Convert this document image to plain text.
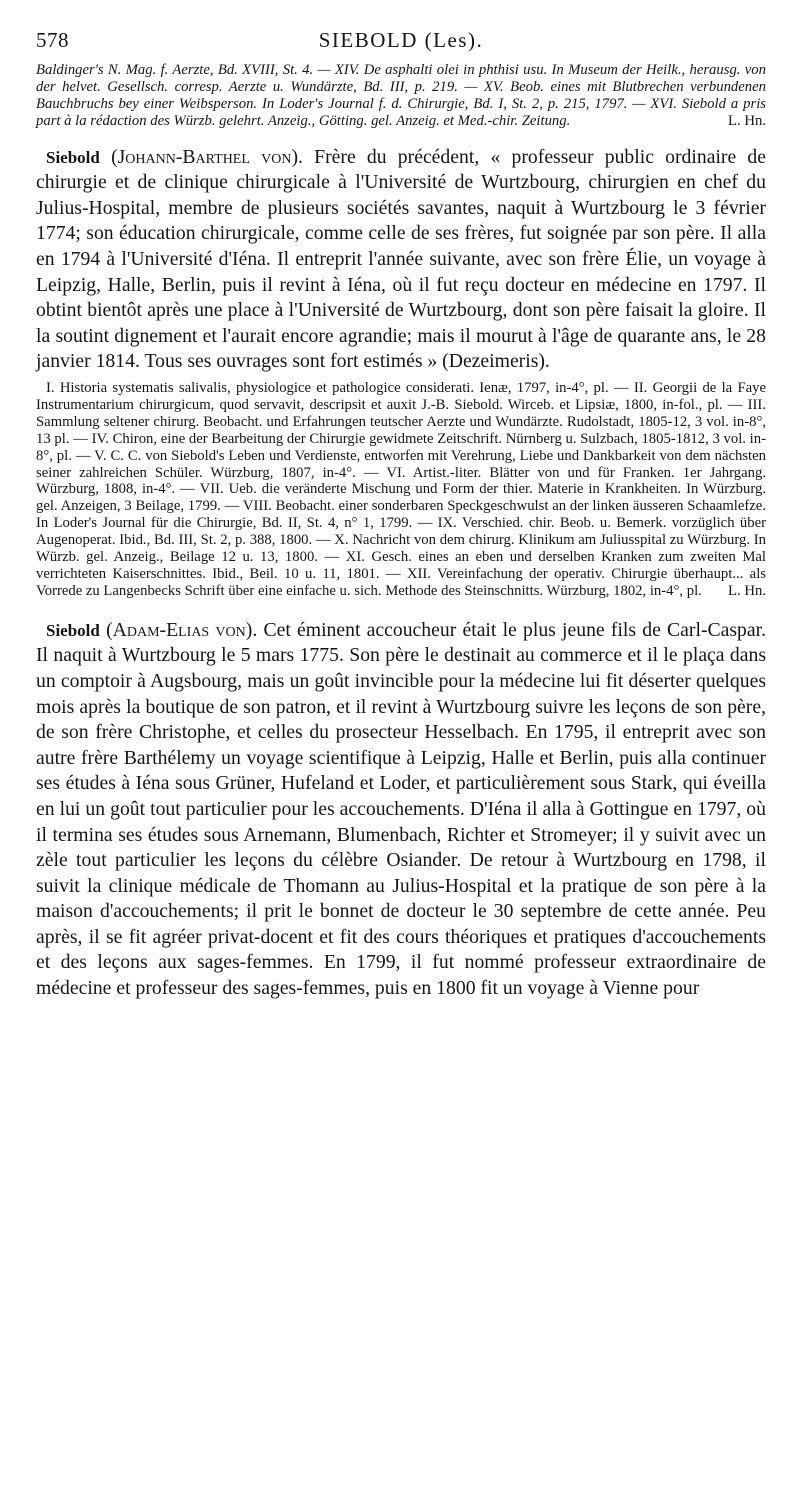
578	SIEBOLD (Les).

Baldinger's N. Mag. f. Aerzte, Bd. XVIII, St. 4. — XIV. De asphalti olei in phthisi usu. In Museum der Heilk., herausg. von der helvet. Gesellsch. corresp. Aerzte u. Wundärzte, Bd. III, p. 219. — XV. Beob. eines mit Blutbrechen verbundenen Bauchbruchs bey einer Weibsperson. In Loder's Journal f. d. Chirurgie, Bd. I, St. 2, p. 215, 1797. — XVI. Siebold a pris part à la rédaction des Würzb. gelehrt. Anzeig., Götting. gel. Anzeig. et Med.-chir. Zeitung.	L. Hn.

Siebold (Johann-Barthel von). Frère du précédent, « professeur public ordinaire de chirurgie et de clinique chirurgicale à l'Université de Wurtzbourg, chirurgien en chef du Julius-Hospital, membre de plusieurs sociétés savantes, naquit à Wurtzbourg le 3 février 1774; son éducation chirurgicale, comme celle de ses frères, fut soignée par son père. Il alla en 1794 à l'Université d'Iéna. Il entreprit l'année suivante, avec son frère Élie, un voyage à Leipzig, Halle, Berlin, puis il revint à Iéna, où il fut reçu docteur en médecine en 1797. Il obtint bientôt après une place à l'Université de Wurtzbourg, dont son père faisait la gloire. Il la soutint dignement et l'aurait encore agrandie; mais il mourut à l'âge de quarante ans, le 28 janvier 1814. Tous ses ouvrages sont fort estimés » (Dezeimeris).

I. Historia systematis salivalis, physiologice et pathologice considerati. Ienæ, 1797, in-4°, pl. — II. Georgii de la Faye Instrumentarium chirurgicum, quod servavit, descripsit et auxit J.-B. Siebold. Wirceb. et Lipsiæ, 1800, in-fol., pl. — III. Sammlung seltener chirurg. Beobacht. und Erfahrungen teutscher Aerzte und Wundärzte. Rudolstadt, 1805-12, 3 vol. in-8°, 13 pl. — IV. Chiron, eine der Bearbeitung der Chirurgie gewidmete Zeitschrift. Nürnberg u. Sulzbach, 1805-1812, 3 vol. in-8°, pl. — V. C. C. von Siebold's Leben und Verdienste, entworfen mit Verehrung, Liebe und Dankbarkeit von dem nächsten seiner zahlreichen Schüler. Würzburg, 1807, in-4°. — VI. Artist.-liter. Blätter von und für Franken. 1er Jahrgang. Würzburg, 1808, in-4°. — VII. Ueb. die veränderte Mischung und Form der thier. Materie in Krankheiten. In Würzburg. gel. Anzeigen, 3 Beilage, 1799. — VIII. Beobacht. einer sonderbaren Speckgeschwulst an der linken äusseren Schaamlefze. In Loder's Journal für die Chirurgie, Bd. II, St. 4, n° 1, 1799. — IX. Verschied. chir. Beob. u. Bemerk. vorzüglich über Augenoperat. Ibid., Bd. III, St. 2, p. 388, 1800. — X. Nachricht von dem chirurg. Klinikum am Juliusspital zu Würzburg. In Würzb. gel. Anzeig., Beilage 12 u. 13, 1800. — XI. Gesch. eines an eben und derselben Kranken zum zweiten Mal verrichteten Kaiserschnittes. Ibid., Beil. 10 u. 11, 1801. — XII. Vereinfachung der operativ. Chirurgie überhaupt... als Vorrede zu Langenbecks Schrift über eine einfache u. sich. Methode des Steinschnitts. Würzburg, 1802, in-4°, pl.	L. Hn.

Siebold (Adam-Elias von). Cet éminent accoucheur était le plus jeune fils de Carl-Caspar. Il naquit à Wurtzbourg le 5 mars 1775. Son père le destinait au commerce et il le plaça dans un comptoir à Augsbourg, mais un goût invincible pour la médecine lui fit déserter quelques mois après la boutique de son patron, et il revint à Wurtzbourg suivre les leçons de son père, de son frère Christophe, et celles du prosecteur Hesselbach. En 1795, il entreprit avec son autre frère Barthélemy un voyage scientifique à Leipzig, Halle et Berlin, puis alla continuer ses études à Iéna sous Grüner, Hufeland et Loder, et particulièrement sous Stark, qui éveilla en lui un goût tout particulier pour les accouchements. D'Iéna il alla à Gottingue en 1797, où il termina ses études sous Arnemann, Blumenbach, Richter et Stromeyer; il y suivit avec un zèle tout particulier les leçons du célèbre Osiander. De retour à Wurtzbourg en 1798, il suivit la clinique médicale de Thomann au Julius-Hospital et la pratique de son père à la maison d'accouchements; il prit le bonnet de docteur le 30 septembre de cette année. Peu après, il se fit agréer privat-docent et fit des cours théoriques et pratiques d'accouchements et des leçons aux sages-femmes. En 1799, il fut nommé professeur extraordinaire de médecine et professeur des sages-femmes, puis en 1800 fit un voyage à Vienne pour
